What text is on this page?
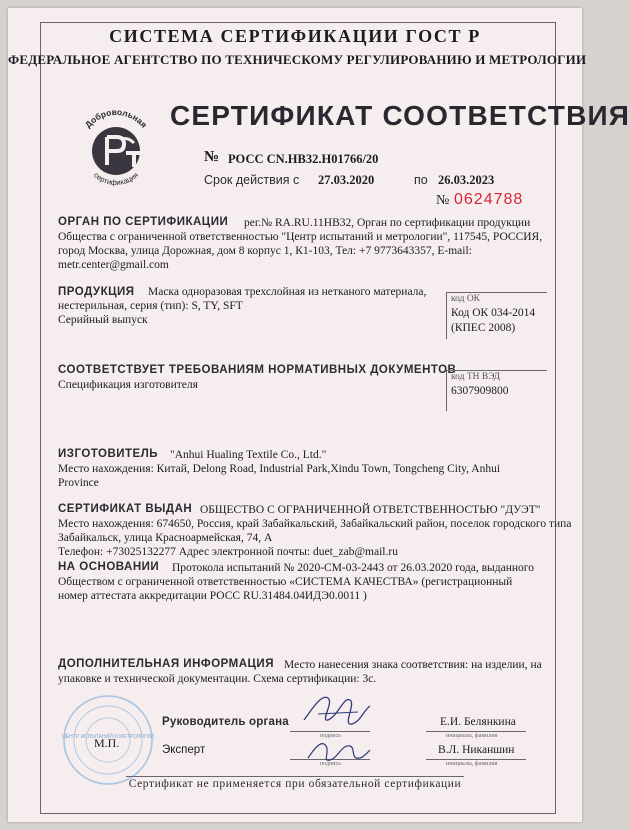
СИСТЕМА СЕРТИФИКАЦИИ ГОСТ Р
ФЕДЕРАЛЬНОЕ АГЕНТСТВО ПО ТЕХНИЧЕСКОМУ РЕГУЛИРОВАНИЮ И МЕТРОЛОГИИ
Добровольная
сертификация
СЕРТИФИКАТ СООТВЕТСТВИЯ
№ РОСС CN.НВ32.Н01766/20
Срок действия с 27.03.2020	по 26.03.2023
№ 0624788
ОРГАН ПО СЕРТИФИКАЦИИ рег.№ RA.RU.11НВ32, Орган по сертификации продукции
Общества с ограниченной ответственностью "Центр испытаний и метрологии", 117545, РОССИЯ,
город Москва, улица Дорожная, дом 8 корпус 1, К1-103, Тел: +7 9773643357, E-mail:
metr.center@gmail.com
ПРОДУКЦИЯ Маска одноразовая трехслойная из нетканого материала,
нестерильная, серия (тип): S, TY, SFT
Серийный выпуск
код ОК
Код ОК 034-2014
(КПЕС 2008)
СООТВЕТСТВУЕТ ТРЕБОВАНИЯМ НОРМАТИВНЫХ ДОКУМЕНТОВ
Спецификация изготовителя
код ТН ВЭД
6307909800
ИЗГОТОВИТЕЛЬ "Anhui Hualing Textile Co., Ltd."
Место нахождения: Китай, Delong Road, Industrial Park,Xindu Town, Tongcheng City, Anhui
Province
СЕРТИФИКАТ ВЫДАН ОБЩЕСТВО С ОГРАНИЧЕННОЙ ОТВЕТСТВЕННОСТЬЮ "ДУЭТ"
Место нахождения: 674650, Россия, край Забайкальский, Забайкальский район, поселок городского типа
Забайкальск, улица Красноармейская, 74, А
Телефон: +73025132277 Адрес электронной почты: duet_zab@mail.ru
НА ОСНОВАНИИ Протокола испытаний № 2020-СМ-03-2443 от 26.03.2020 года, выданного
Обществом с ограниченной ответственностью «СИСТЕМА КАЧЕСТВА» (регистрационный
номер аттестата аккредитации РОСС RU.31484.04ИДЭ0.0011 )
ДОПОЛНИТЕЛЬНАЯ ИНФОРМАЦИЯ Место нанесения знака соответствия: на изделии, на
упаковке и технической документации. Схема сертификации: 3с.
ЦЕНТР ИСПЫТАНИЙ И МЕТРОЛОГИИ
М.П.
Руководитель органа
подпись
Е.И. Белянкина
инициалы, фамилия
Эксперт
подпись
В.Л. Никаншин
инициалы, фамилия
Сертификат не применяется при обязательной сертификации
